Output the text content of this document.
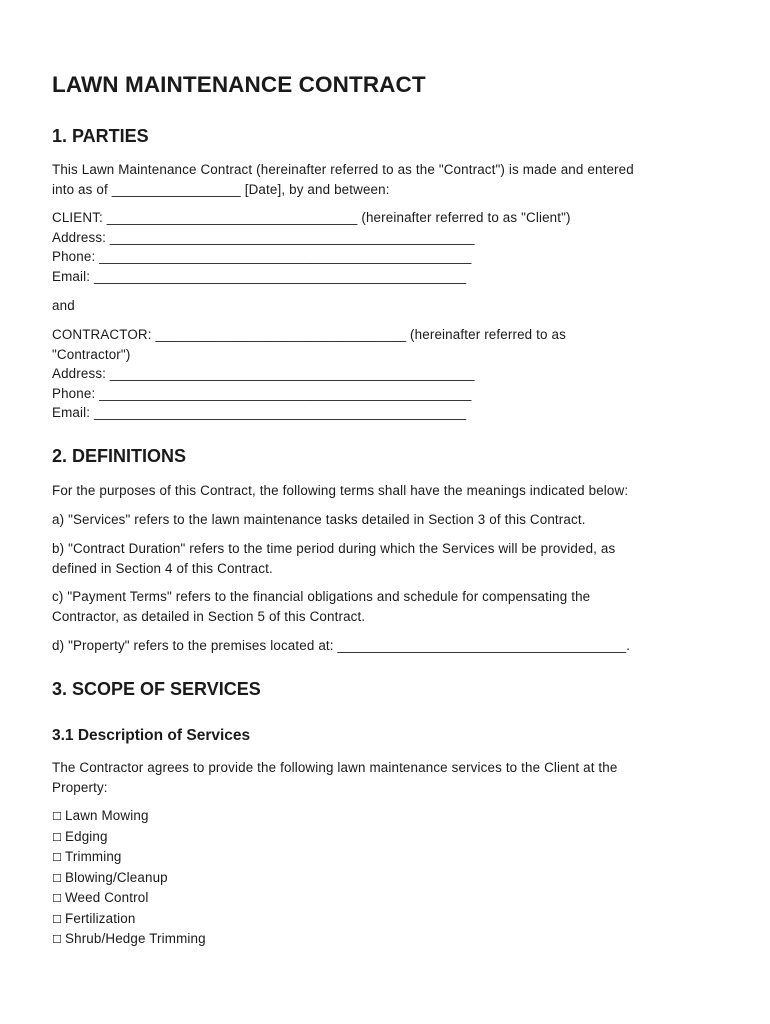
LAWN MAINTENANCE CONTRACT
1. PARTIES

This Lawn Maintenance Contract (hereinafter referred to as the "Contract") is made and entered
into as of _________________ [Date], by and between:

CLIENT: _________________________________ (hereinafter referred to as "Client")
Address: ________________________________________________
Phone: _________________________________________________
Email: _________________________________________________

and

CONTRACTOR: _________________________________ (hereinafter referred to as
"Contractor")
Address: ________________________________________________
Phone: _________________________________________________
Email: _________________________________________________

2. DEFINITIONS

For the purposes of this Contract, the following terms shall have the meanings indicated below:

a) "Services" refers to the lawn maintenance tasks detailed in Section 3 of this Contract.

b) "Contract Duration" refers to the time period during which the Services will be provided, as
defined in Section 4 of this Contract.

c) "Payment Terms" refers to the financial obligations and schedule for compensating the
Contractor, as detailed in Section 5 of this Contract.

d) "Property" refers to the premises located at: ______________________________________.

3. SCOPE OF SERVICES
3.1 Description of Services

The Contractor agrees to provide the following lawn maintenance services to the Client at the
Property:

☐ Lawn Mowing
☐ Edging
☐ Trimming
☐ Blowing/Cleanup
☐ Weed Control
☐ Fertilization
☐ Shrub/Hedge Trimming
